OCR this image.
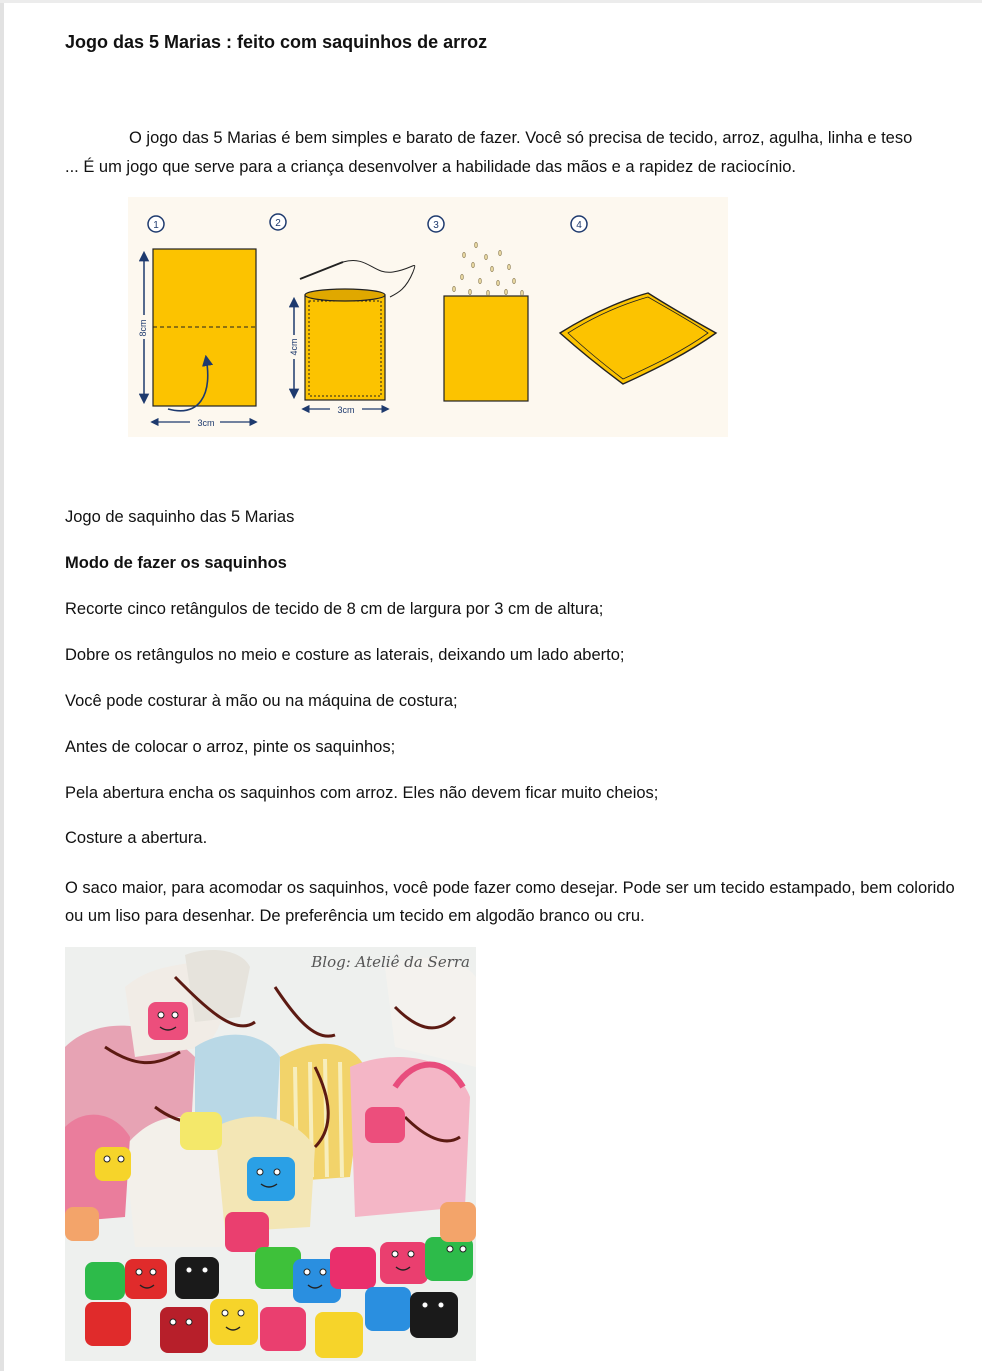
Jogo das 5 Marias : feito com saquinhos de arroz

O jogo das 5 Marias é bem simples e barato de fazer. Você só precisa de tecido, arroz, agulha, linha e teso
... É um jogo que serve para a criança desenvolver a habilidade das mãos e a rapidez de raciocínio.

1	2	3	4
8cm
3cm
4cm
3cm

Jogo de saquinho das 5 Marias

Modo de fazer os saquinhos

Recorte cinco retângulos de tecido de 8 cm de largura por 3 cm de altura;

Dobre os retângulos no meio e costure as laterais, deixando um lado aberto;

Você pode costurar à mão ou na máquina de costura;

Antes de colocar o arroz, pinte os saquinhos;

Pela abertura encha os saquinhos com arroz. Eles não devem ficar muito cheios;

Costure a abertura.

O saco maior, para acomodar os saquinhos, você pode fazer como desejar. Pode ser um tecido estampado, bem colorido ou um liso para desenhar. De preferência um tecido em algodão branco ou cru.

Blog: Ateliê da Serra
